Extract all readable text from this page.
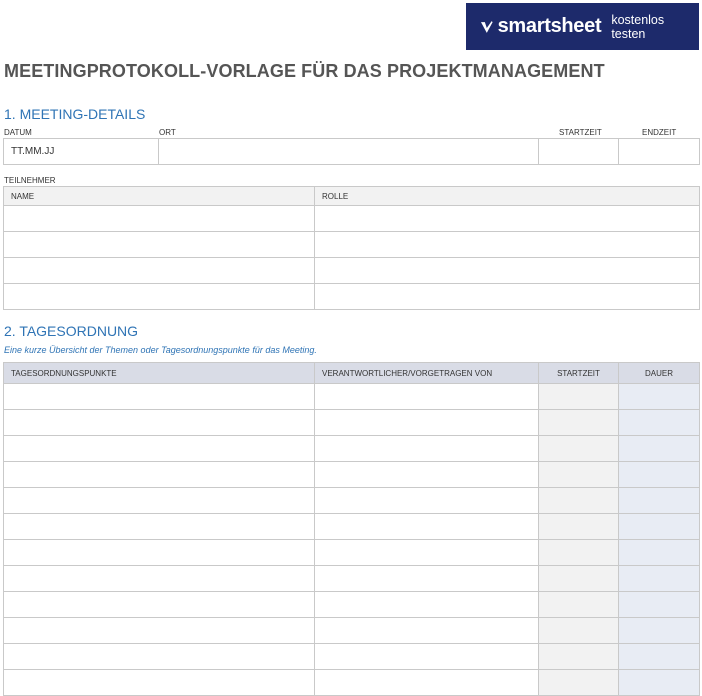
smartsheet kostenlos testen
MEETINGPROTOKOLL-VORLAGE FÜR DAS PROJEKTMANAGEMENT
1. MEETING-DETAILS
DATUM	ORT	STARTZEIT	ENDZEIT
TT.MM.JJ			
TEILNEHMER
NAME	ROLLE

2. TAGESORDNUNG
Eine kurze Übersicht der Themen oder Tagesordnungspunkte für das Meeting.
TAGESORDNUNGSPUNKTE	VERANTWORTLICHER/VORGETRAGEN VON	STARTZEIT	DAUER
